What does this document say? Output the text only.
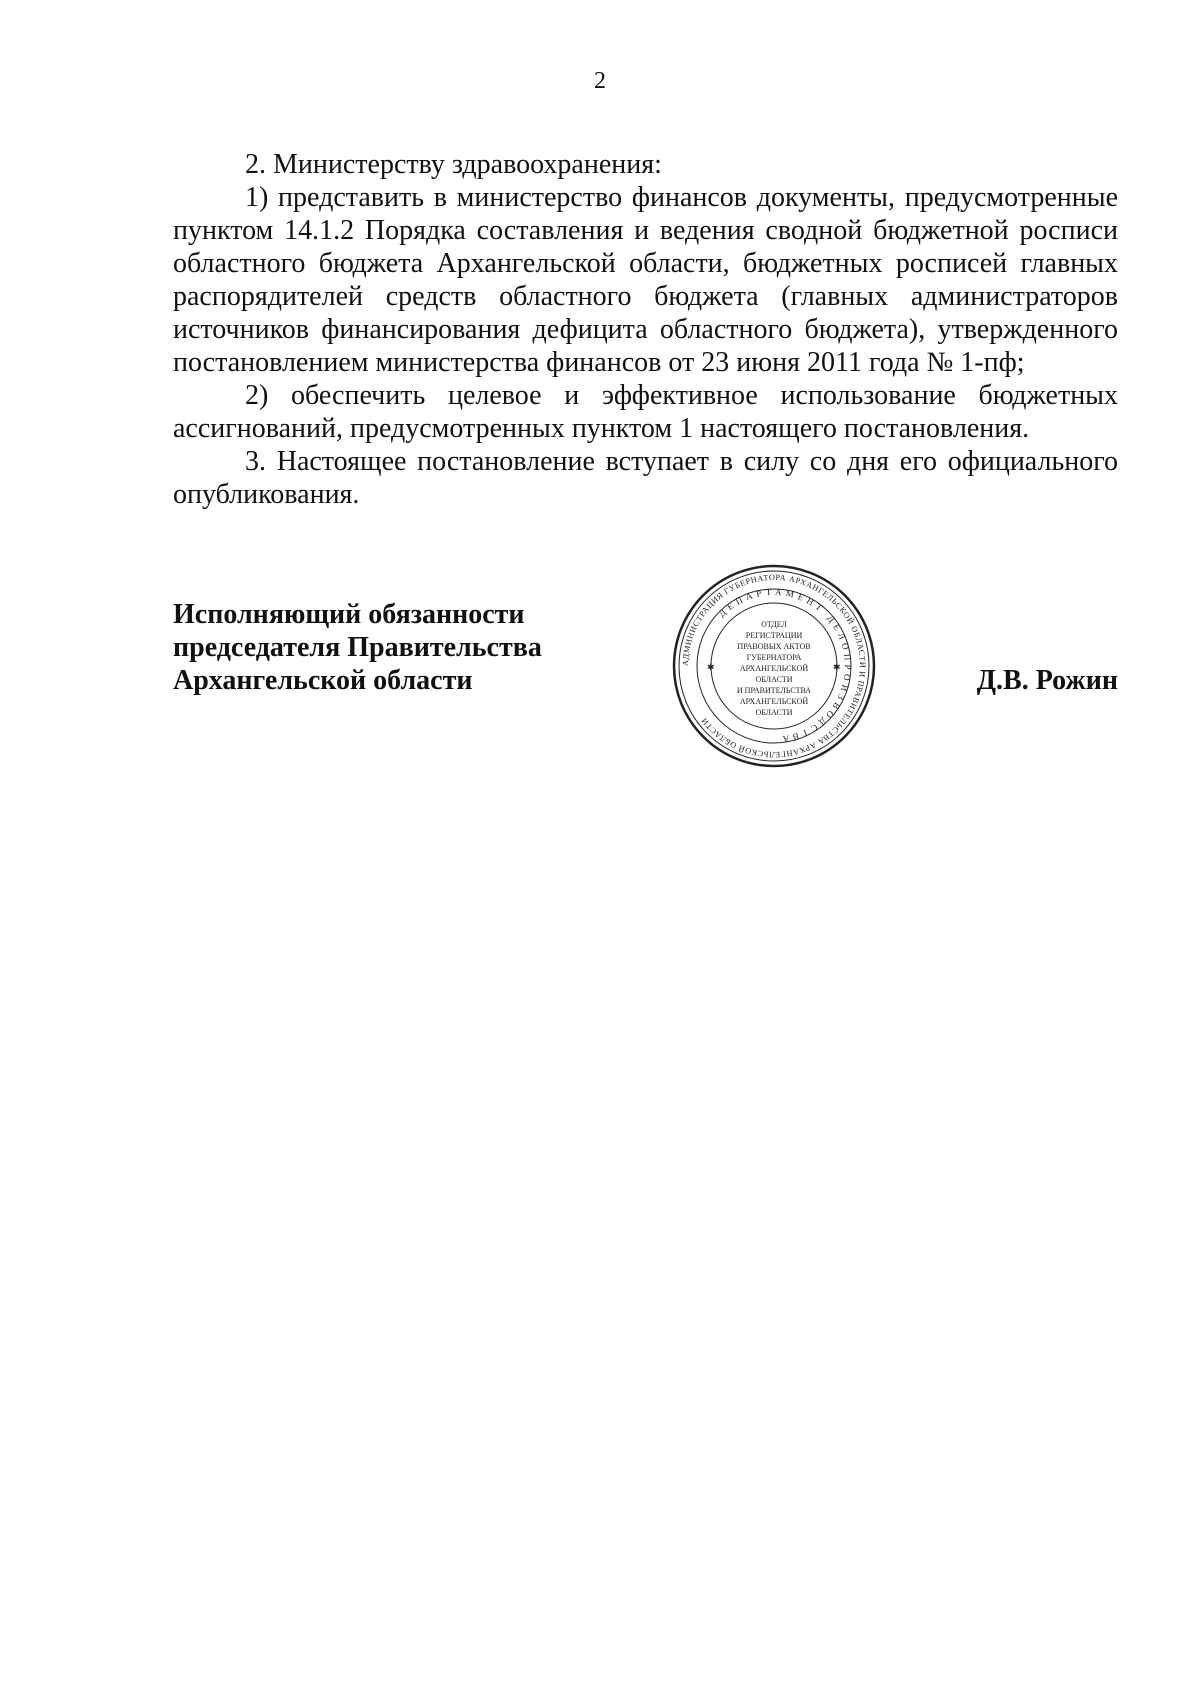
2

2. Министерству здравоохранения:

1) представить в министерство финансов документы, предусмотренные пунктом 14.1.2 Порядка составления и ведения сводной бюджетной росписи областного бюджета Архангельской области, бюджетных росписей главных распорядителей средств областного бюджета (главных администраторов источников финансирования дефицита областного бюджета), утвержденного постановлением министерства финансов от 23 июня 2011 года № 1-пф;

2) обеспечить целевое и эффективное использование бюджетных ассигнований, предусмотренных пунктом 1 настоящего постановления.

3. Настоящее постановление вступает в силу со дня его официального опубликования.

Исполняющий обязанности
председателя Правительства
Архангельской области
АДМИНИСТРАЦИЯ ГУБЕРНАТОРА АРХАНГЕЛЬСКОЙ ОБЛАСТИ И ПРАВИТЕЛЬСТВА АРХАНГЕЛЬСКОЙ ОБЛАСТИ
ДЕПАРТАМЕНТ ДЕЛОПРОИЗВОДСТВА
ОТДЕЛ
РЕГИСТРАЦИИ
ПРАВОВЫХ АКТОВ
ГУБЕРНАТОРА
АРХАНГЕЛЬСКОЙ
ОБЛАСТИ
И ПРАВИТЕЛЬСТВА
АРХАНГЕЛЬСКОЙ
ОБЛАСТИ
✱	✱	Д.В. Рожин
